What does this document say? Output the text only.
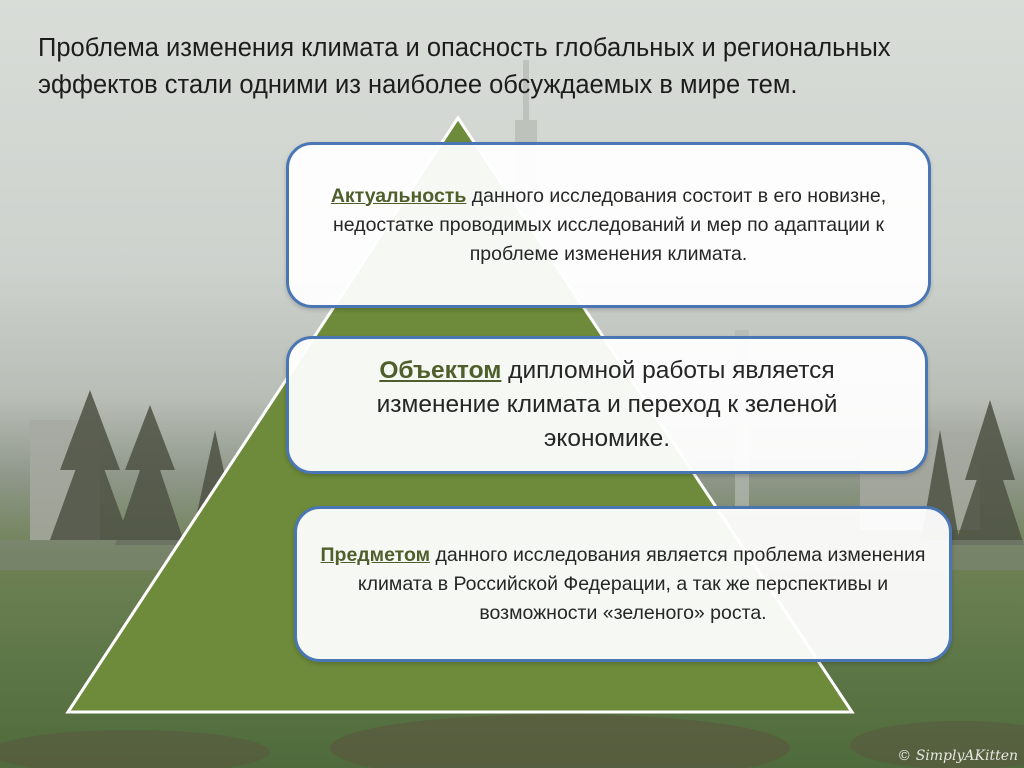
Проблема изменения климата и опасность глобальных и региональных эффектов стали одними из наиболее обсуждаемых в мире тем.

Актуальность данного исследования состоит в его новизне, недостатке проводимых исследований и мер по адаптации к проблеме изменения климата.

Объектом дипломной работы является изменение климата и переход к зеленой экономике.

Предметом данного исследования является проблема изменения климата в Российской Федерации, а так же перспективы и возможности «зеленого» роста.

© SimplyAKitten
